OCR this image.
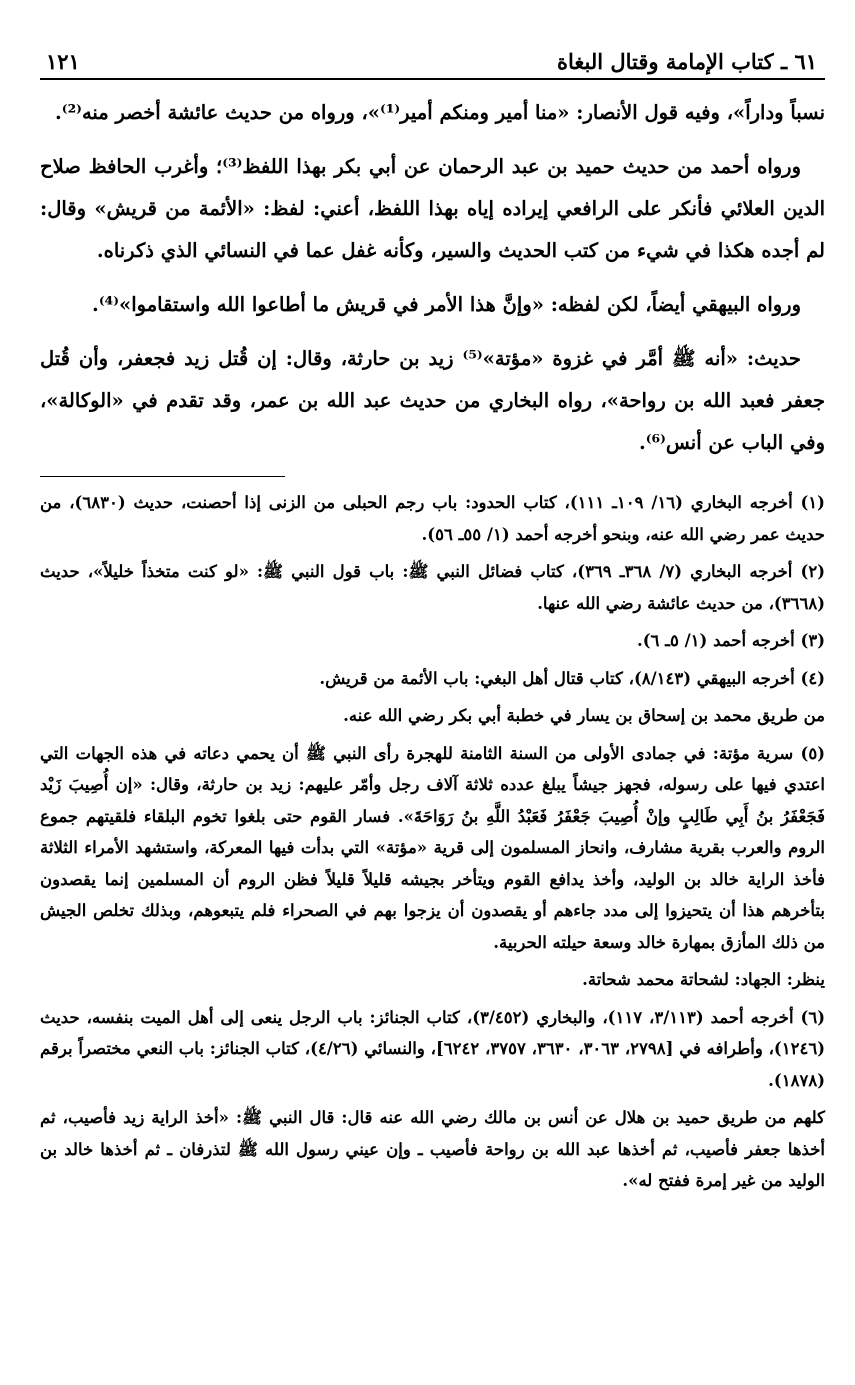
٦١ ـ كتاب الإمامة وقتال البغاة
١٢١

نسباً وداراً»، وفيه قول الأنصار: «منا أمير ومنكم أمير⁽¹⁾»، ورواه من حديث عائشة أخصر منه⁽²⁾.

ورواه أحمد من حديث حميد بن عبد الرحمان عن أبي بكر بهذا اللفظ⁽³⁾؛ وأغرب الحافظ صلاح الدين العلائي فأنكر على الرافعي إيراده إياه بهذا اللفظ، أعني: لفظ: «الأئمة من قريش» وقال: لم أجده هكذا في شيء من كتب الحديث والسير، وكأنه غفل عما في النسائي الذي ذكرناه.

ورواه البيهقي أيضاً، لكن لفظه: «وإنَّ هذا الأمر في قريش ما أطاعوا الله واستقاموا»⁽⁴⁾.

حديث: «أنه ﷺ أمَّر في غزوة «مؤتة»⁽⁵⁾ زيد بن حارثة، وقال: إن قُتل زيد فجعفر، وأن قُتل جعفر فعبد الله بن رواحة»، رواه البخاري من حديث عبد الله بن عمر، وقد تقدم في «الوكالة»، وفي الباب عن أنس⁽⁶⁾.

(١) أخرجه البخاري (١٦/ ١٠٩ـ ١١١)، كتاب الحدود: باب رجم الحبلى من الزنى إذا أحصنت، حديث (٦٨٣٠)، من حديث عمر رضي الله عنه، وبنحو أخرجه أحمد (١/ ٥٥ـ ٥٦).

(٢) أخرجه البخاري (٧/ ٣٦٨ـ ٣٦٩)، كتاب فضائل النبي ﷺ: باب قول النبي ﷺ: «لو كنت متخذاً خليلاً»، حديث (٣٦٦٨)، من حديث عائشة رضي الله عنها.

(٣) أخرجه أحمد (١/ ٥ـ ٦).

(٤) أخرجه البيهقي (٨/١٤٣)، كتاب قتال أهل البغي: باب الأئمة من قريش.

من طريق محمد بن إسحاق بن يسار في خطبة أبي بكر رضي الله عنه.

(٥) سرية مؤتة: في جمادى الأولى من السنة الثامنة للهجرة رأى النبي ﷺ أن يحمي دعاته في هذه الجهات التي اعتدي فيها على رسوله، فجهز جيشاً يبلغ عدده ثلاثة آلاف رجل وأمّر عليهم: زيد بن حارثة، وقال: «إن أُصِيبَ زَيْد فَجَعْفَرُ بنُ أَبِي طَالِبٍ وإنْ أُصِيبَ جَعْفَرُ فَعَبْدُ اللَّهِ بنُ رَوَاحَةَ». فسار القوم حتى بلغوا تخوم البلقاء فلقيتهم جموع الروم والعرب بقرية مشارف، وانحاز المسلمون إلى قرية «مؤتة» التي بدأت فيها المعركة، واستشهد الأمراء الثلاثة فأخذ الراية خالد بن الوليد، وأخذ يدافع القوم ويتأخر بجيشه قليلاً قليلاً فظن الروم أن المسلمين إنما يقصدون بتأخرهم هذا أن يتحيزوا إلى مدد جاءهم أو يقصدون أن يزجوا بهم في الصحراء فلم يتبعوهم، وبذلك تخلص الجيش من ذلك المأزق بمهارة خالد وسعة حيلته الحربية.

ينظر: الجهاد: لشحاتة محمد شحاتة.

(٦) أخرجه أحمد (٣/١١٣، ١١٧)، والبخاري (٣/٤٥٢)، كتاب الجنائز: باب الرجل ينعى إلى أهل الميت بنفسه، حديث (١٢٤٦)، وأطرافه في [٢٧٩٨، ٣٠٦٣، ٣٦٣٠، ٣٧٥٧، ٦٢٤٢]، والنسائي (٤/٢٦)، كتاب الجنائز: باب النعي مختصراً برقم (١٨٧٨).

كلهم من طريق حميد بن هلال عن أنس بن مالك رضي الله عنه قال: قال النبي ﷺ: «أخذ الراية زيد فأصيب، ثم أخذها جعفر فأصيب، ثم أخذها عبد الله بن رواحة فأصيب ـ وإن عيني رسول الله ﷺ لتذرفان ـ ثم أخذها خالد بن الوليد من غير إمرة ففتح له».
